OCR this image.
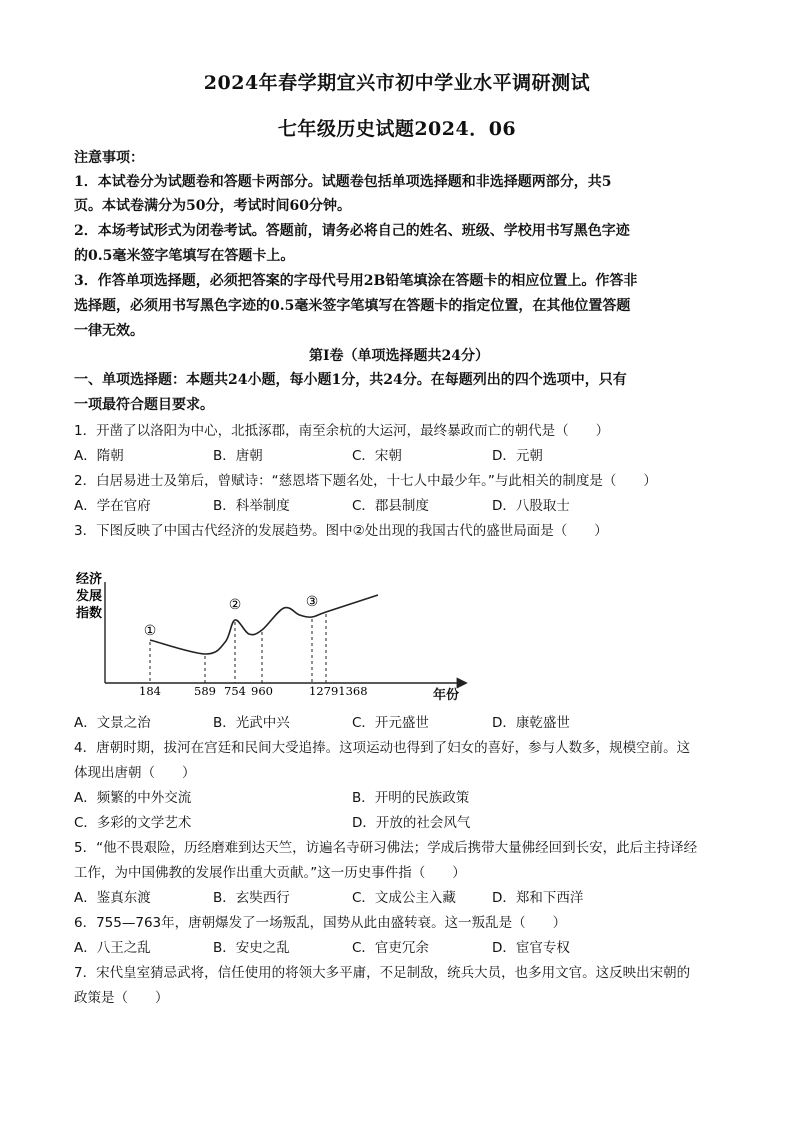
2024年春学期宜兴市初中学业水平调研测试
七年级历史试题2024．06
注意事项：
1．本试卷分为试题卷和答题卡两部分。试题卷包括单项选择题和非选择题两部分，共5
页。本试卷满分为50分，考试时间60分钟。
2．本场考试形式为闭卷考试。答题前，请务必将自己的姓名、班级、学校用书写黑色字迹
的0.5毫米签字笔填写在答题卡上。
3．作答单项选择题，必须把答案的字母代号用2B铅笔填涂在答题卡的相应位置上。作答非
选择题，必须用书写黑色字迹的0.5毫米签字笔填写在答题卡的指定位置，在其他位置答题
一律无效。
第Ⅰ卷（单项选择题共24分）
一、单项选择题：本题共24小题，每小题1分，共24分。在每题列出的四个选项中，只有
一项最符合题目要求。
1．开凿了以洛阳为中心，北抵涿郡，南至余杭的大运河，最终暴政而亡的朝代是（　　）
A．隋朝	B．唐朝	C．宋朝	D．元朝
2．白居易进士及第后，曾赋诗：“慈恩塔下题名处，十七人中最少年。”与此相关的制度是（　　）
A．学在官府	B．科举制度	C．郡县制度	D．八股取士
3．下图反映了中国古代经济的发展趋势。图中②处出现的我国古代的盛世局面是（　　）
经济发展指数
184	589 754 960	12791368
①
②	③
年份
A．文景之治	B．光武中兴	C．开元盛世	D．康乾盛世
4．唐朝时期，拔河在宫廷和民间大受追捧。这项运动也得到了妇女的喜好，参与人数多，规模空前。这
体现出唐朝（　　）
A．频繁的中外交流	B．开明的民族政策
C．多彩的文学艺术	D．开放的社会风气
5．“他不畏艰险，历经磨难到达天竺，访遍名寺研习佛法；学成后携带大量佛经回到长安，此后主持译经
工作，为中国佛教的发展作出重大贡献。”这一历史事件指（　　）
A．鉴真东渡	B．玄奘西行	C．文成公主入藏	D．郑和下西洋
6．755—763年，唐朝爆发了一场叛乱，国势从此由盛转衰。这一叛乱是（　　）
A．八王之乱	B．安史之乱	C．官吏冗余	D．宦官专权
7．宋代皇室猜忌武将，信任使用的将领大多平庸，不足制敌，统兵大员，也多用文官。这反映出宋朝的
政策是（　　）
